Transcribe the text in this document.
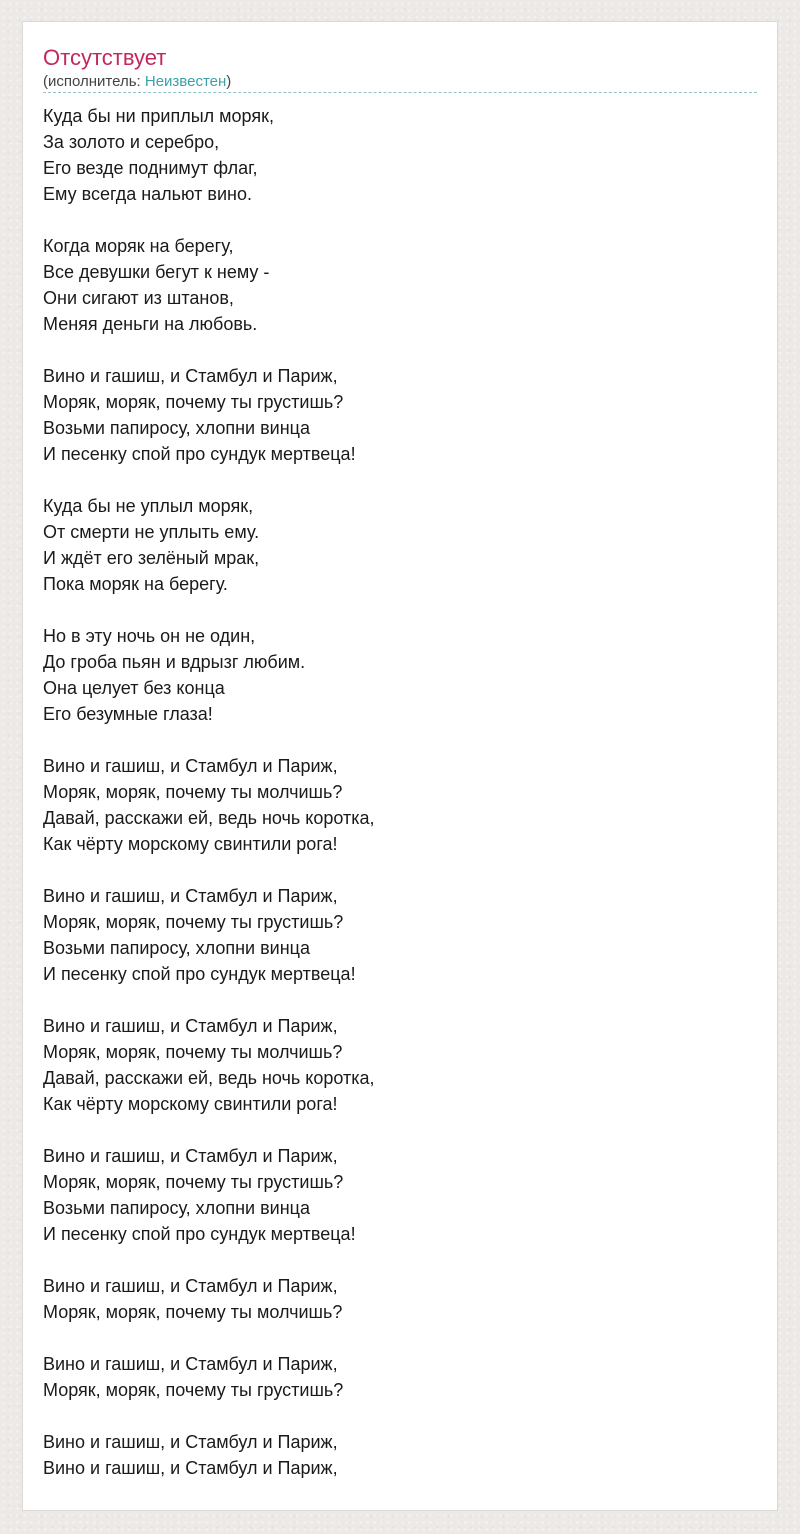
Отсутствует
(исполнитель: Неизвестен)
Куда бы ни приплыл моряк,
За золото и серебро,
Его везде поднимут флаг,
Ему всегда нальют вино.
Когда моряк на берегу,
Все девушки бегут к нему -
Они сигают из штанов,
Меняя деньги на любовь.
Вино и гашиш, и Стамбул и Париж,
Моряк, моряк, почему ты грустишь?
Возьми папиросу, хлопни винца
И песенку спой про сундук мертвеца!
Куда бы не уплыл моряк,
От смерти не уплыть ему.
И ждёт его зелёный мрак,
Пока моряк на берегу.
Но в эту ночь он не один,
До гроба пьян и вдрызг любим.
Она целует без конца
Его безумные глаза!
Вино и гашиш, и Стамбул и Париж,
Моряк, моряк, почему ты молчишь?
Давай, расскажи ей, ведь ночь коротка,
Как чёрту морскому свинтили рога!
Вино и гашиш, и Стамбул и Париж,
Моряк, моряк, почему ты грустишь?
Возьми папиросу, хлопни винца
И песенку спой про сундук мертвеца!
Вино и гашиш, и Стамбул и Париж,
Моряк, моряк, почему ты молчишь?
Давай, расскажи ей, ведь ночь коротка,
Как чёрту морскому свинтили рога!
Вино и гашиш, и Стамбул и Париж,
Моряк, моряк, почему ты грустишь?
Возьми папиросу, хлопни винца
И песенку спой про сундук мертвеца!
Вино и гашиш, и Стамбул и Париж,
Моряк, моряк, почему ты молчишь?
Вино и гашиш, и Стамбул и Париж,
Моряк, моряк, почему ты грустишь?
Вино и гашиш, и Стамбул и Париж,
Вино и гашиш, и Стамбул и Париж,
